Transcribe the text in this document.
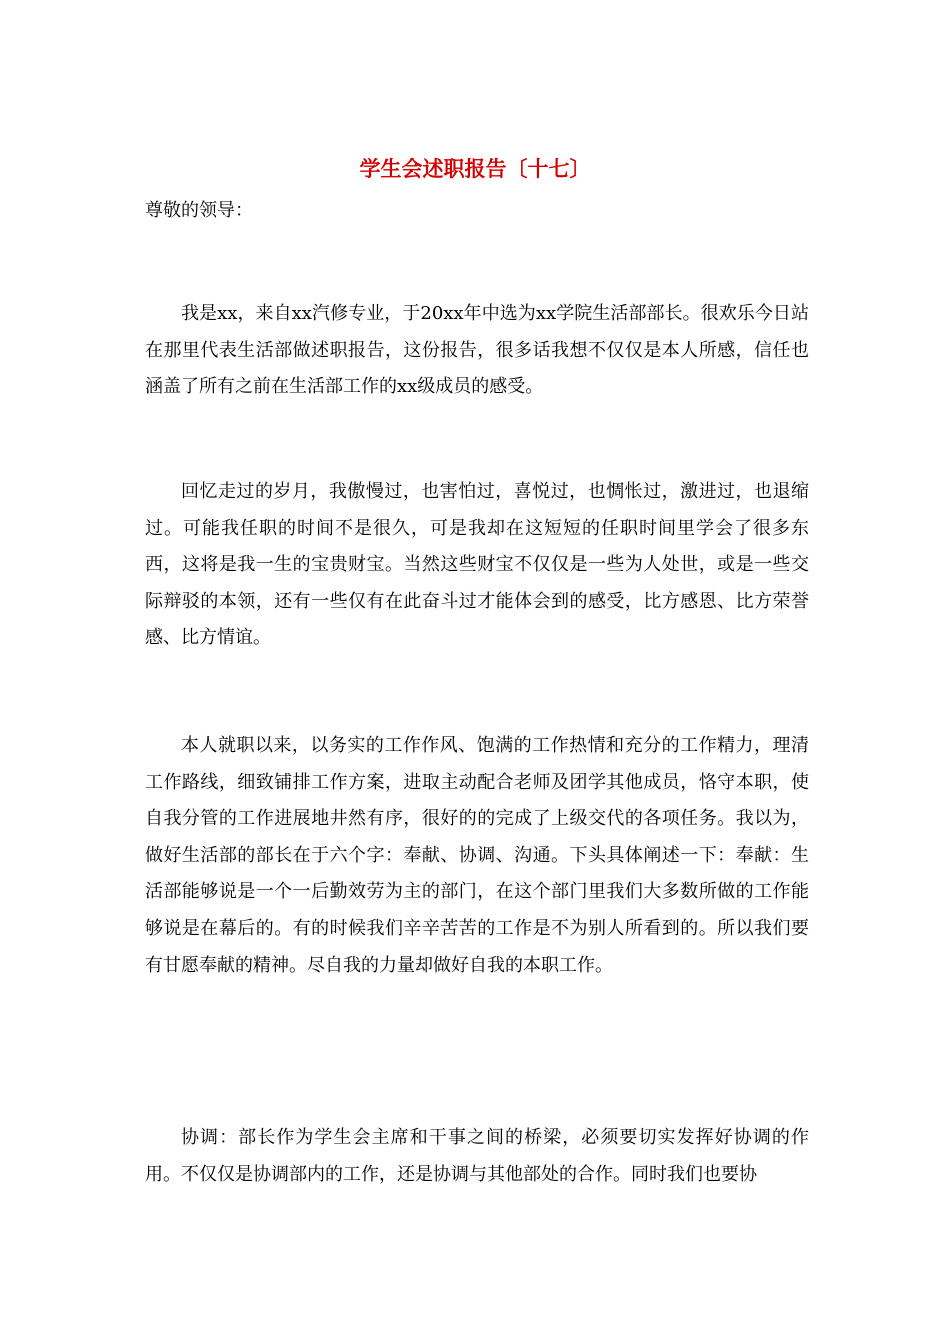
学生会述职报告〔十七〕

尊敬的领导：

我是xx，来自xx汽修专业，于20xx年中选为xx学院生活部部长。很欢乐今日站在那里代表生活部做述职报告，这份报告，很多话我想不仅仅是本人所感，信任也涵盖了所有之前在生活部工作的xx级成员的感受。

回忆走过的岁月，我傲慢过，也害怕过，喜悦过，也惆怅过，激进过，也退缩过。可能我任职的时间不是很久，可是我却在这短短的任职时间里学会了很多东西，这将是我一生的宝贵财宝。当然这些财宝不仅仅是一些为人处世，或是一些交际辩驳的本领，还有一些仅有在此奋斗过才能体会到的感受，比方感恩、比方荣誉感、比方情谊。

本人就职以来，以务实的工作作风、饱满的工作热情和充分的工作精力，理清工作路线，细致铺排工作方案，进取主动配合老师及团学其他成员，恪守本职，使自我分管的工作进展地井然有序，很好的的完成了上级交代的各项任务。我以为，做好生活部的部长在于六个字：奉献、协调、沟通。下头具体阐述一下：奉献：生活部能够说是一个一后勤效劳为主的部门，在这个部门里我们大多数所做的工作能够说是在幕后的。有的时候我们辛辛苦苦的工作是不为别人所看到的。所以我们要有甘愿奉献的精神。尽自我的力量却做好自我的本职工作。

协调：部长作为学生会主席和干事之间的桥梁，必须要切实发挥好协调的作用。不仅仅是协调部内的工作，还是协调与其他部处的合作。同时我们也要协
